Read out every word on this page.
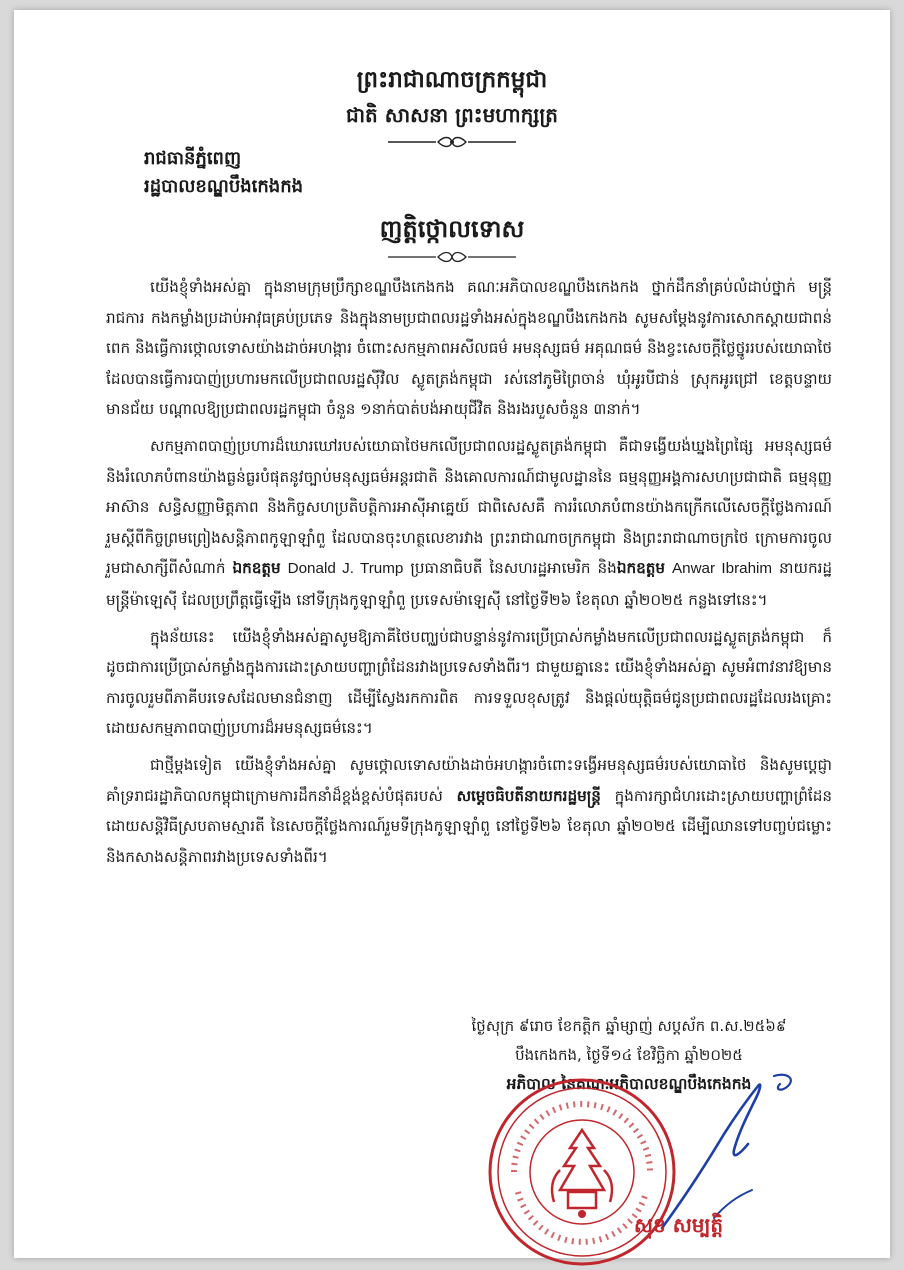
ព្រះរាជាណាចក្រកម្ពុជា
ជាតិ សាសនា ព្រះមហាក្សត្រ
រាជធានីភ្នំពេញ
រដ្ឋបាលខណ្ឌបឹងកេងកង
ញត្តិថ្កោលទោស

យើងខ្ញុំទាំងអស់គ្នា ក្នុងនាមក្រុមប្រឹក្សាខណ្ឌបឹងកេងកង គណៈអភិបាលខណ្ឌបឹងកេងកង ថ្នាក់ដឹកនាំគ្រប់លំដាប់ថ្នាក់ មន្ត្រីរាជការ កងកម្លាំងប្រដាប់អាវុធគ្រប់ប្រភេទ និងក្នុងនាមប្រជាពលរដ្ឋទាំងអស់ក្នុងខណ្ឌបឹងកេងកង សូមសម្តែងនូវការសោកស្តាយជាពន់ពេក និងធ្វើការថ្កោលទោសយ៉ាងដាច់អហង្ការ ចំពោះសកម្មភាពអសីលធម៌ អមនុស្សធម៌ អគុណធម៌ និងខ្វះសេចក្តីថ្លៃថ្នូររបស់យោធាថៃ ដែលបានធ្វើការបាញ់ប្រហារមកលើប្រជាពលរដ្ឋស៊ីវិល ស្លូតត្រង់កម្ពុជា រស់នៅភូមិព្រៃចាន់ ឃុំអូរបីជាន់ ស្រុកអូរជ្រៅ ខេត្តបន្ទាយមានជ័យ បណ្តាលឱ្យប្រជាពលរដ្ឋកម្ពុជា ចំនួន ១នាក់បាត់បង់អាយុជីវិត និងរងរបួសចំនួន ៣នាក់។

សកម្មភាពបាញ់ប្រហារដ៏ឃោរឃៅរបស់យោធាថៃមកលើប្រជាពលរដ្ឋស្លូតត្រង់កម្ពុជា គឺជាទង្វើយង់ឃ្នងព្រៃផ្សៃ អមនុស្សធម៌ និងរំលោភបំពានយ៉ាងធ្ងន់ធ្ងរបំផុតនូវច្បាប់មនុស្សធម៌អន្តរជាតិ និងគោលការណ៍ជាមូលដ្ឋាននៃ ធម្មនុញ្ញអង្គការសហប្រជាជាតិ ធម្មនុញ្ញអាស៊ាន សន្ធិសញ្ញាមិត្តភាព និងកិច្ចសហប្រតិបត្តិការអាស៊ីអាគ្នេយ៍ ជាពិសេសគឺ ការរំលោភបំពានយ៉ាងកក្រើកលើសេចក្តីថ្លែងការណ៍រួមស្តីពីកិច្ចព្រមព្រៀងសន្តិភាពកូឡាឡាំពួ ដែលបានចុះហត្ថលេខារវាង ព្រះរាជាណាចក្រកម្ពុជា និងព្រះរាជាណាចក្រថៃ ក្រោមការចូលរួមជាសាក្សីពីសំណាក់ ឯកឧត្តម Donald J. Trump ប្រធានាធិបតី នៃសហរដ្ឋអាមេរិក និងឯកឧត្តម Anwar Ibrahim នាយករដ្ឋមន្ត្រីម៉ាឡេស៊ី ដែលប្រព្រឹត្តធ្វើឡើង នៅទីក្រុងកូឡាឡាំពួ ប្រទេសម៉ាឡេស៊ី នៅថ្ងៃទី២៦ ខែតុលា ឆ្នាំ២០២៥ កន្លងទៅនេះ។

ក្នុងន័យនេះ យើងខ្ញុំទាំងអស់គ្នាសូមឱ្យភាគីថៃបញ្ឈប់ជាបន្ទាន់នូវការប្រើប្រាស់កម្លាំងមកលើប្រជាពលរដ្ឋស្លូតត្រង់កម្ពុជា ក៏ដូចជាការប្រើប្រាស់កម្លាំងក្នុងការដោះស្រាយបញ្ហាព្រំដែនរវាងប្រទេសទាំងពីរ។ ជាមួយគ្នានេះ យើងខ្ញុំទាំងអស់គ្នា សូមអំពាវនាវឱ្យមានការចូលរួមពីភាគីបរទេសដែលមានជំនាញ ដើម្បីស្វែងរកការពិត ការទទួលខុសត្រូវ និងផ្តល់យុត្តិធម៌ជូនប្រជាពលរដ្ឋដែលរងគ្រោះដោយសកម្មភាពបាញ់ប្រហារដ៏អមនុស្សធម៌នេះ។

ជាថ្មីម្តងទៀត យើងខ្ញុំទាំងអស់គ្នា សូមថ្កោលទោសយ៉ាងដាច់អហង្ការចំពោះទង្វើអមនុស្សធម៌របស់យោធាថៃ និងសូមប្តេជ្ញាគាំទ្ររាជរដ្ឋាភិបាលកម្ពុជាក្រោមការដឹកនាំដ៏ខ្ពង់ខ្ពស់បំផុតរបស់ សម្តេចធិបតីនាយករដ្ឋមន្ត្រី ក្នុងការក្សាជំហរដោះស្រាយបញ្ហាព្រំដែនដោយសន្តិវិធីស្របតាមស្មារតី នៃសេចក្តីថ្លែងការណ៍រួមទីក្រុងកូឡាឡាំពួ នៅថ្ងៃទី២៦ ខែតុលា ឆ្នាំ២០២៥ ដើម្បីឈានទៅបញ្ចប់ជម្លោះ និងកសាងសន្តិភាពរវាងប្រទេសទាំងពីរ។

ថ្ងៃសុក្រ ៩រោច ខែកត្តិក ឆ្នាំម្សាញ់ សប្តស័ក ព.ស.២៥៦៩
បឹងកេងកង, ថ្ងៃទី១៤ ខែវិច្ឆិកា ឆ្នាំ២០២៥
អភិបាល នៃគណៈអភិបាលខណ្ឌបឹងកេងកង
សុខ សម្បត្តិ
